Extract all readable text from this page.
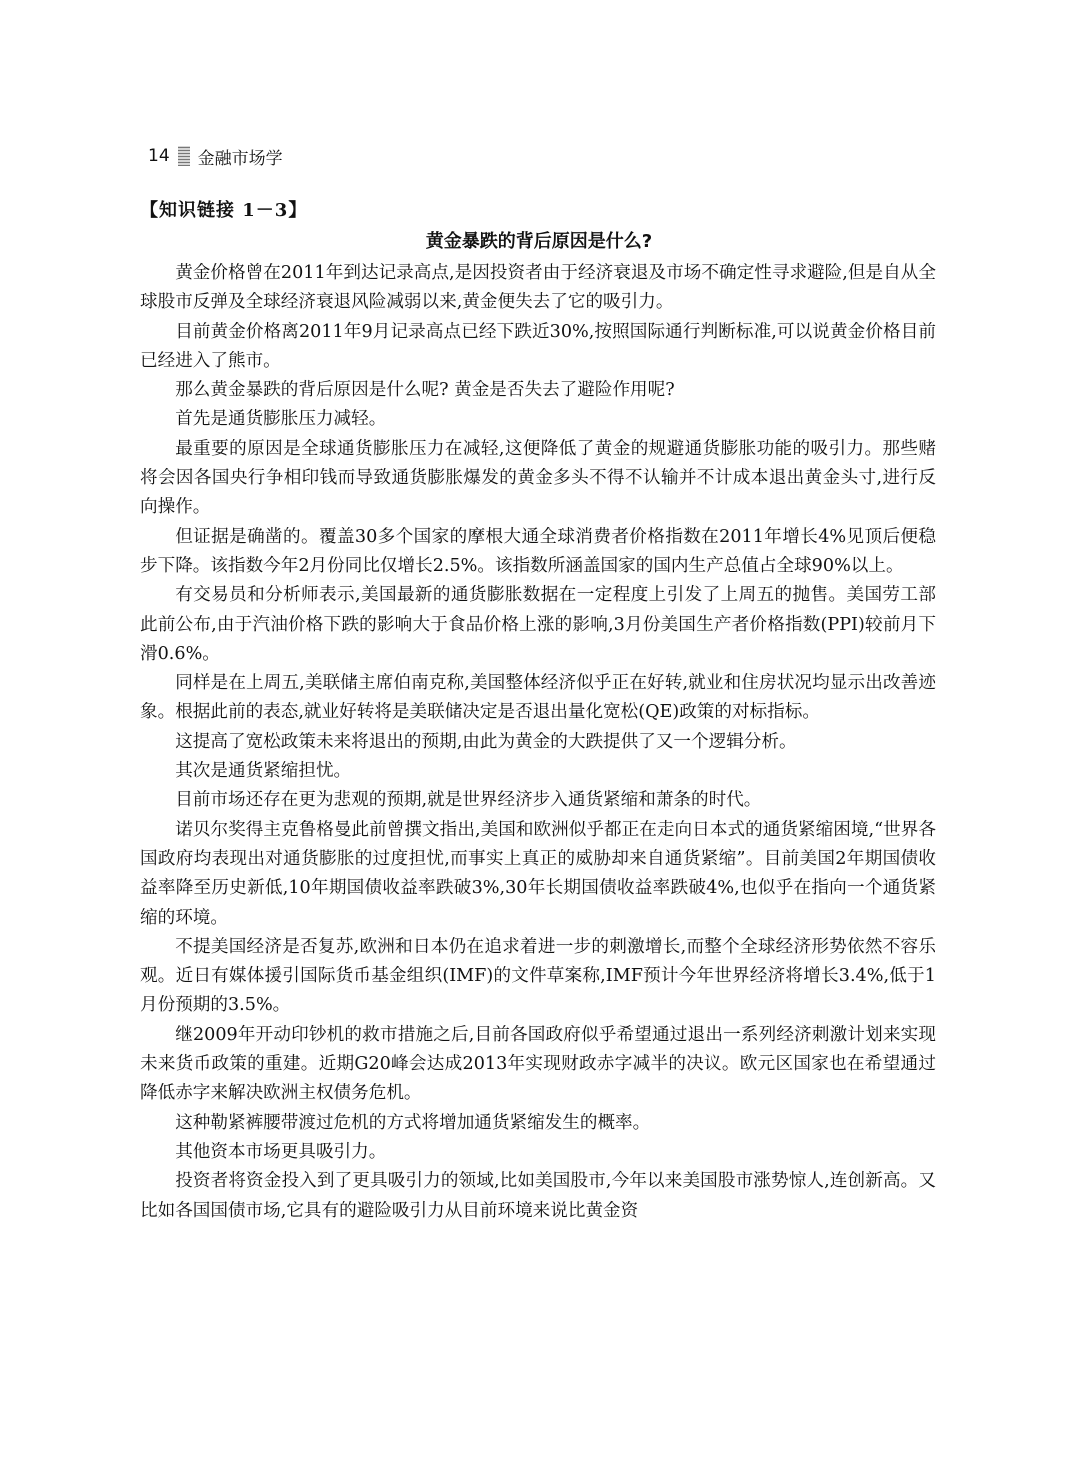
14 金融市场学
【知识链接 1－3】
黄金暴跌的背后原因是什么?

黄金价格曾在2011年到达记录高点,是因投资者由于经济衰退及市场不确定性寻求避险,但是自从全球股市反弹及全球经济衰退风险减弱以来,黄金便失去了它的吸引力。

目前黄金价格离2011年9月记录高点已经下跌近30%,按照国际通行判断标准,可以说黄金价格目前已经进入了熊市。

那么黄金暴跌的背后原因是什么呢? 黄金是否失去了避险作用呢?

首先是通货膨胀压力减轻。

最重要的原因是全球通货膨胀压力在减轻,这便降低了黄金的规避通货膨胀功能的吸引力。那些赌将会因各国央行争相印钱而导致通货膨胀爆发的黄金多头不得不认输并不计成本退出黄金头寸,进行反向操作。

但证据是确凿的。覆盖30多个国家的摩根大通全球消费者价格指数在2011年增长4%见顶后便稳步下降。该指数今年2月份同比仅增长2.5%。该指数所涵盖国家的国内生产总值占全球90%以上。

有交易员和分析师表示,美国最新的通货膨胀数据在一定程度上引发了上周五的抛售。美国劳工部此前公布,由于汽油价格下跌的影响大于食品价格上涨的影响,3月份美国生产者价格指数(PPI)较前月下滑0.6%。

同样是在上周五,美联储主席伯南克称,美国整体经济似乎正在好转,就业和住房状况均显示出改善迹象。根据此前的表态,就业好转将是美联储决定是否退出量化宽松(QE)政策的对标指标。

这提高了宽松政策未来将退出的预期,由此为黄金的大跌提供了又一个逻辑分析。

其次是通货紧缩担忧。

目前市场还存在更为悲观的预期,就是世界经济步入通货紧缩和萧条的时代。

诺贝尔奖得主克鲁格曼此前曾撰文指出,美国和欧洲似乎都正在走向日本式的通货紧缩困境,“世界各国政府均表现出对通货膨胀的过度担忧,而事实上真正的威胁却来自通货紧缩”。目前美国2年期国债收益率降至历史新低,10年期国债收益率跌破3%,30年长期国债收益率跌破4%,也似乎在指向一个通货紧缩的环境。

不提美国经济是否复苏,欧洲和日本仍在追求着进一步的刺激增长,而整个全球经济形势依然不容乐观。近日有媒体援引国际货币基金组织(IMF)的文件草案称,IMF预计今年世界经济将增长3.4%,低于1月份预期的3.5%。

继2009年开动印钞机的救市措施之后,目前各国政府似乎希望通过退出一系列经济刺激计划来实现未来货币政策的重建。近期G20峰会达成2013年实现财政赤字减半的决议。欧元区国家也在希望通过降低赤字来解决欧洲主权债务危机。

这种勒紧裤腰带渡过危机的方式将增加通货紧缩发生的概率。

其他资本市场更具吸引力。

投资者将资金投入到了更具吸引力的领域,比如美国股市,今年以来美国股市涨势惊人,连创新高。又比如各国国债市场,它具有的避险吸引力从目前环境来说比黄金资
